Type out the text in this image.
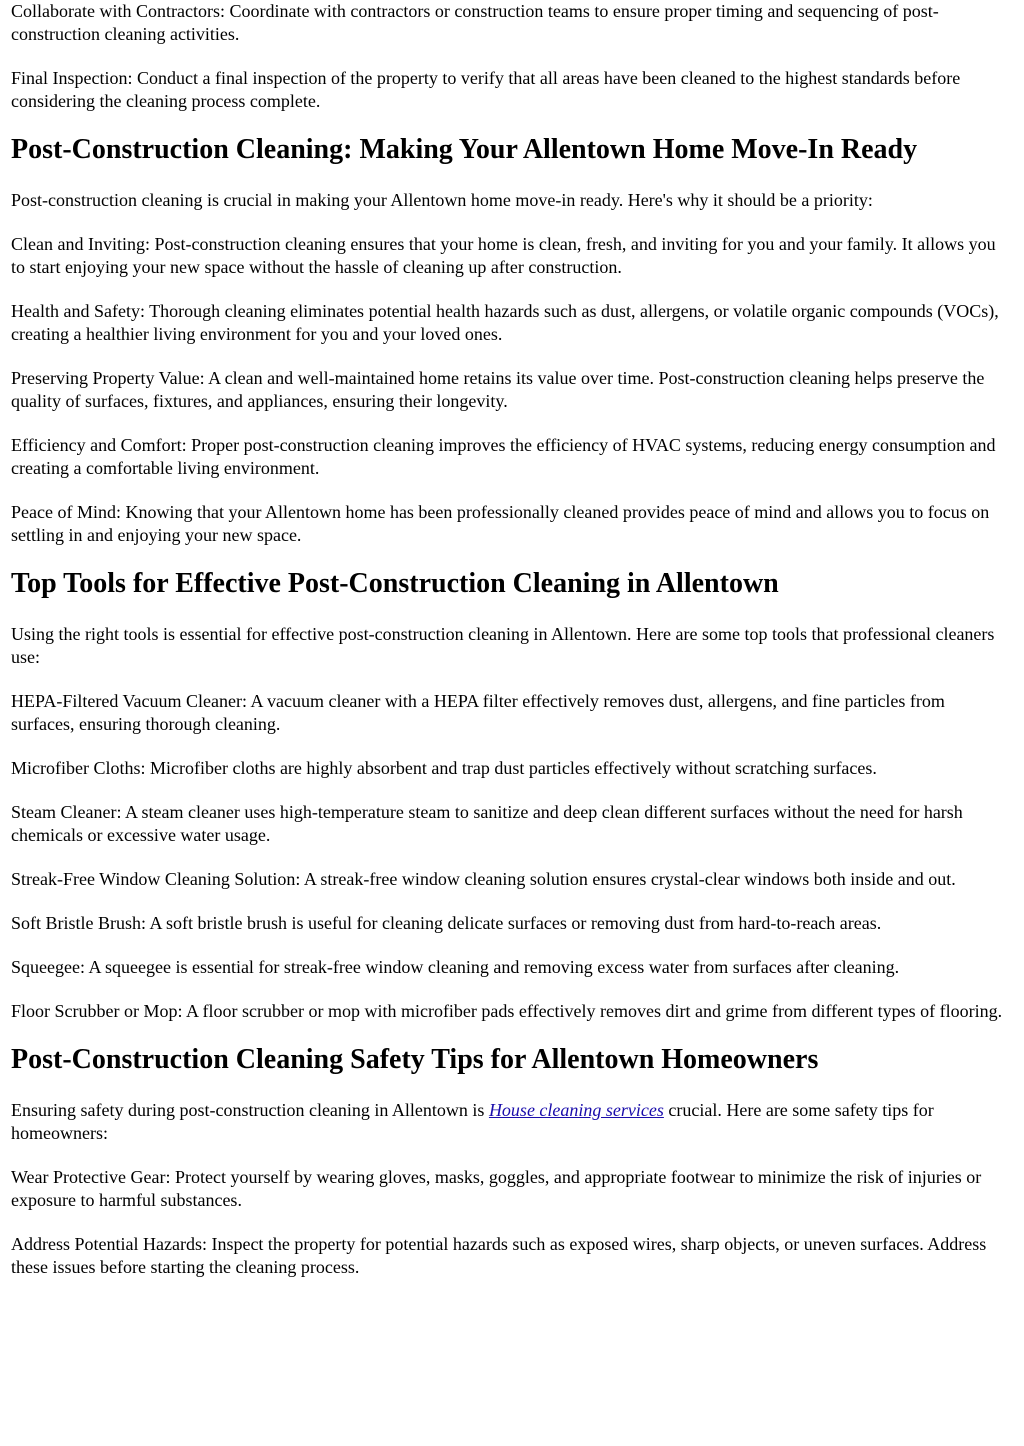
Collaborate with Contractors: Coordinate with contractors or construction teams to ensure proper timing and sequencing of post-construction cleaning activities.

Final Inspection: Conduct a final inspection of the property to verify that all areas have been cleaned to the highest standards before considering the cleaning process complete.

Post-Construction Cleaning: Making Your Allentown Home Move-In Ready

Post-construction cleaning is crucial in making your Allentown home move-in ready. Here's why it should be a priority:

Clean and Inviting: Post-construction cleaning ensures that your home is clean, fresh, and inviting for you and your family. It allows you to start enjoying your new space without the hassle of cleaning up after construction.

Health and Safety: Thorough cleaning eliminates potential health hazards such as dust, allergens, or volatile organic compounds (VOCs), creating a healthier living environment for you and your loved ones.

Preserving Property Value: A clean and well-maintained home retains its value over time. Post-construction cleaning helps preserve the quality of surfaces, fixtures, and appliances, ensuring their longevity.

Efficiency and Comfort: Proper post-construction cleaning improves the efficiency of HVAC systems, reducing energy consumption and creating a comfortable living environment.

Peace of Mind: Knowing that your Allentown home has been professionally cleaned provides peace of mind and allows you to focus on settling in and enjoying your new space.

Top Tools for Effective Post-Construction Cleaning in Allentown

Using the right tools is essential for effective post-construction cleaning in Allentown. Here are some top tools that professional cleaners use:

HEPA-Filtered Vacuum Cleaner: A vacuum cleaner with a HEPA filter effectively removes dust, allergens, and fine particles from surfaces, ensuring thorough cleaning.

Microfiber Cloths: Microfiber cloths are highly absorbent and trap dust particles effectively without scratching surfaces.

Steam Cleaner: A steam cleaner uses high-temperature steam to sanitize and deep clean different surfaces without the need for harsh chemicals or excessive water usage.

Streak-Free Window Cleaning Solution: A streak-free window cleaning solution ensures crystal-clear windows both inside and out.

Soft Bristle Brush: A soft bristle brush is useful for cleaning delicate surfaces or removing dust from hard-to-reach areas.

Squeegee: A squeegee is essential for streak-free window cleaning and removing excess water from surfaces after cleaning.

Floor Scrubber or Mop: A floor scrubber or mop with microfiber pads effectively removes dirt and grime from different types of flooring.

Post-Construction Cleaning Safety Tips for Allentown Homeowners

Ensuring safety during post-construction cleaning in Allentown is House cleaning services crucial. Here are some safety tips for homeowners:

Wear Protective Gear: Protect yourself by wearing gloves, masks, goggles, and appropriate footwear to minimize the risk of injuries or exposure to harmful substances.

Address Potential Hazards: Inspect the property for potential hazards such as exposed wires, sharp objects, or uneven surfaces. Address these issues before starting the cleaning process.
